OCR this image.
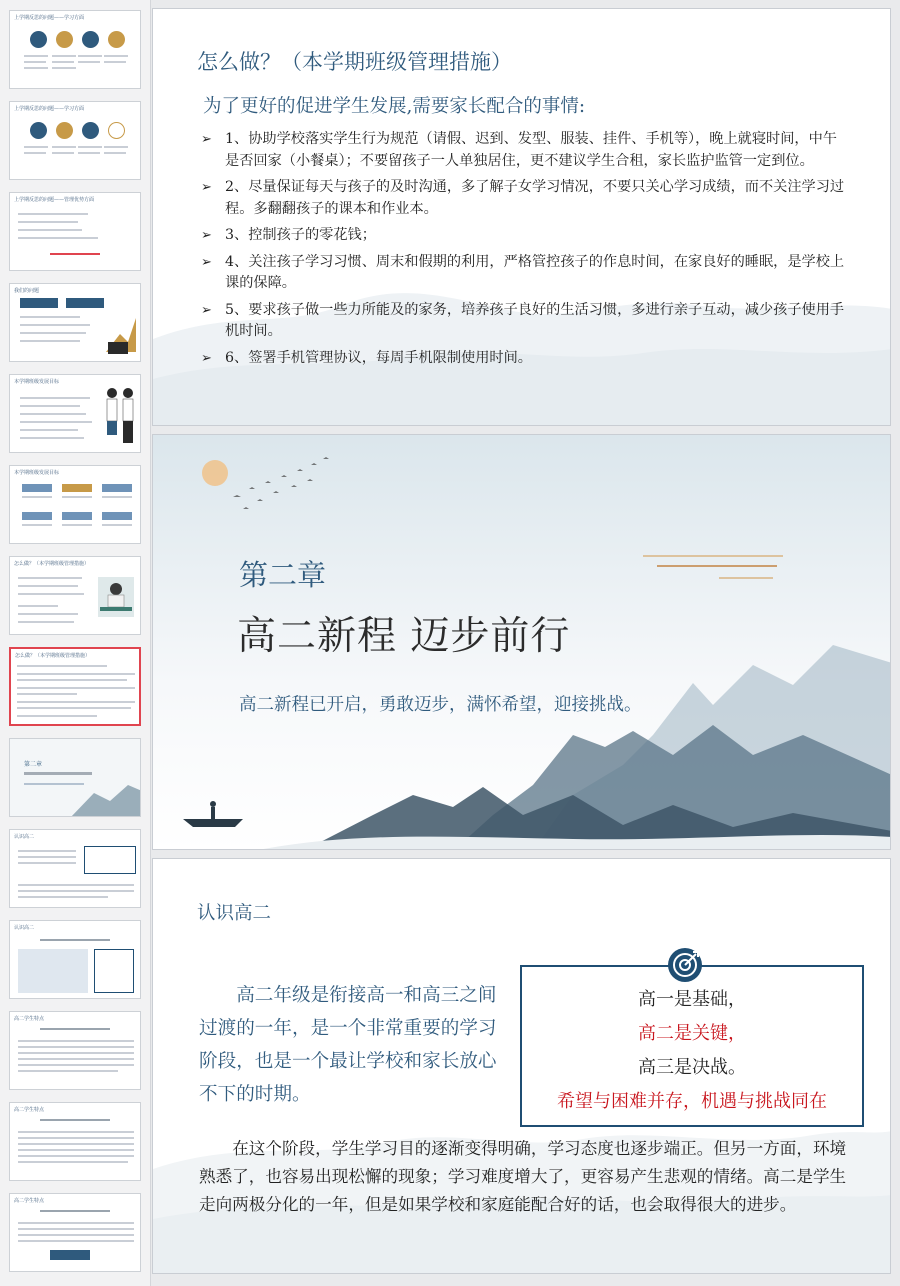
上学期反思的问题——学习方面
上学期反思的问题——学习方面
上学期反思的问题——管理优势方面
我们的问题
本学期班级发展目标
本学期班级发展目标
怎么做？（本学期班级管理措施）
怎么做？（本学期班级管理措施）
第二章
认识高二
认识高二
高二学生特点
高二学生特点
高二学生特点
怎么做？（本学期班级管理措施）
为了更好的促进学生发展,需要家长配合的事情:
➢ 1、协助学校落实学生行为规范（请假、迟到、发型、服装、挂件、手机等），晚上就寝时间，中午是否回家（小餐桌）；不要留孩子一人单独居住，更不建议学生合租，家长监护监管一定到位。
➢ 2、尽量保证每天与孩子的及时沟通，多了解子女学习情况，不要只关心学习成绩，而不关注学习过程。多翻翻孩子的课本和作业本。
➢ 3、控制孩子的零花钱；
➢ 4、关注孩子学习习惯、周末和假期的利用，严格管控孩子的作息时间，在家良好的睡眠，是学校上课的保障。
➢ 5、要求孩子做一些力所能及的家务，培养孩子良好的生活习惯，多进行亲子互动，减少孩子使用手机时间。
➢ 6、签署手机管理协议，每周手机限制使用时间。
第二章
高二新程 迈步前行
高二新程已开启，勇敢迈步，满怀希望，迎接挑战。
认识高二
高二年级是衔接高一和高三之间过渡的一年，是一个非常重要的学习阶段，也是一个最让学校和家长放心不下的时期。
高一是基础，
高二是关键，
高三是决战。
希望与困难并存，机遇与挑战同在
在这个阶段，学生学习目的逐渐变得明确，学习态度也逐步端正。但另一方面，环境熟悉了，也容易出现松懈的现象；学习难度增大了，更容易产生悲观的情绪。高二是学生走向两极分化的一年，但是如果学校和家庭能配合好的话，也会取得很大的进步。
